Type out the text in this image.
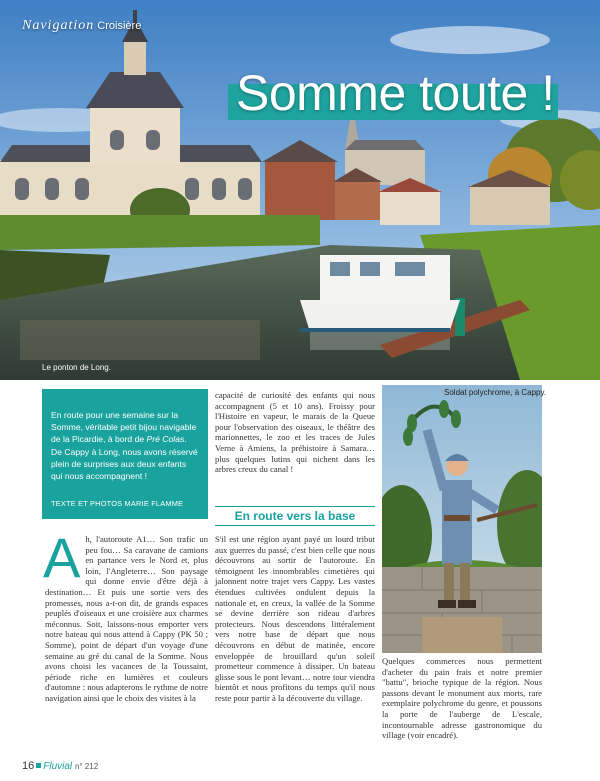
Navigation Croisière
Somme toute !
Le ponton de Long.
En route pour une semaine sur la Somme, véritable petit bijou navigable de la Picardie, à bord de Pré Colas. De Cappy à Long, nous avons réservé plein de surprises aux deux enfants qui nous accompagnent !
TEXTE ET PHOTOS MARIE FLAMME
A h, l'autoroute A1… Son trafic un peu fou… Sa caravane de camions en partance vers le Nord et, plus loin, l'Angleterre… Son paysage qui donne envie d'être déjà à destination… Et puis une sortie vers des promesses, nous a-t-on dit, de grands espaces peuplés d'oiseaux et une croisière aux charmes méconnus. Soit, laissons-nous emporter vers notre bateau qui nous attend à Cappy (PK 50 ; Somme), point de départ d'un voyage d'une semaine au gré du canal de la Somme. Nous avons choisi les vacances de la Toussaint, période riche en lumières et couleurs d'automne : nous adapterons le rythme de notre navigation ainsi que le choix des visites à la

capacité de curiosité des enfants qui nous accompagnent (5 et 10 ans). Froissy pour l'Histoire en vapeur, le marais de la Queue pour l'observation des oiseaux, le théâtre des marionnettes, le zoo et les traces de Jules Verne à Amiens, la préhistoire à Samara… plus quelques lutins qui nichent dans les arbres creux du canal !

En route vers la base

S'il est une région ayant payé un lourd tribut aux guerres du passé, c'est bien celle que nous découvrons au sortir de l'autoroute. En témoignent les innombrables cimetières qui jalonnent notre trajet vers Cappy. Les vastes étendues cultivées ondulent depuis la nationale et, en creux, la vallée de la Somme se devine derrière son rideau d'arbres protecteurs. Nous descendons littéralement vers notre base de départ que nous découvrons en début de matinée, encore enveloppée de brouillard qu'un soleil prometteur commence à dissiper. Un bateau glisse sous le pont levant… notre tour viendra bientôt et nous profitons du temps qu'il nous reste pour partir à la découverte du village.

Soldat polychrome, à Cappy.

Quelques commerces nous permettent d'acheter du pain frais et notre premier "battu", brioche typique de la région. Nous passons devant le monument aux morts, rare exemplaire polychrome du genre, et poussons la porte de l'auberge de L'escale, incontournable adresse gastronomique du village (voir encadré).

16 Fluvial n° 212
